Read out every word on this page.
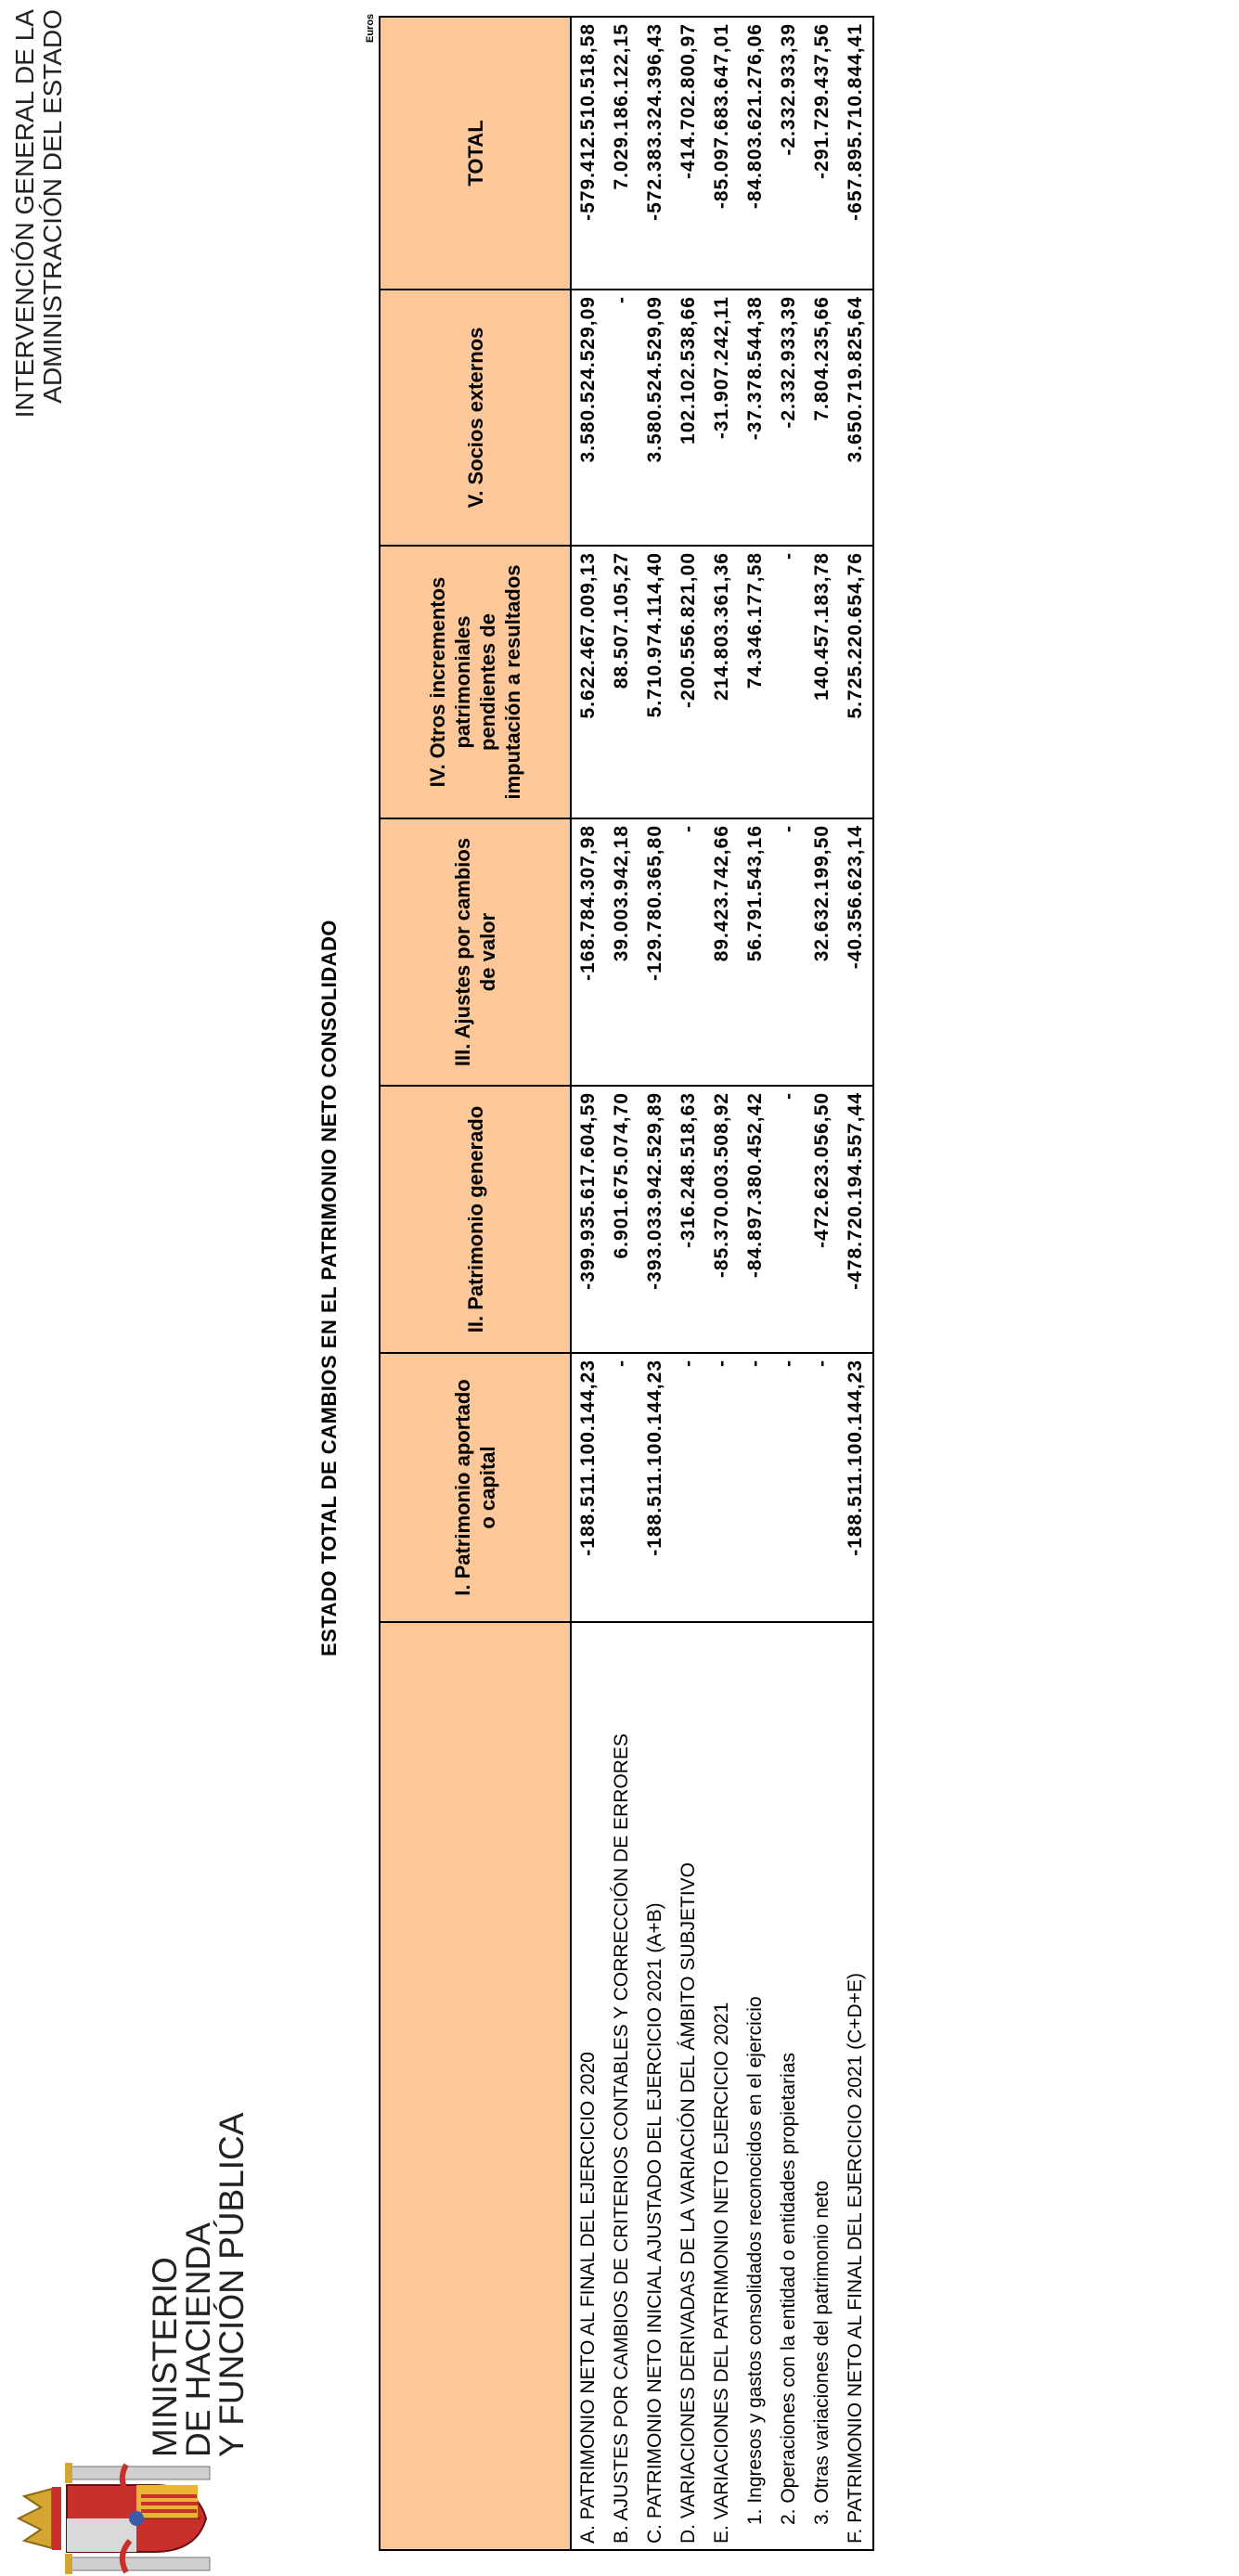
MINISTERIO
DE HACIENDA
Y FUNCIÓN PÚBLICA
INTERVENCIÓN GENERAL DE LA ADMINISTRACIÓN DEL ESTADO
ESTADO TOTAL DE CAMBIOS EN EL PATRIMONIO NETO CONSOLIDADO
Euros
	I. Patrimonio aportado o capital	II. Patrimonio generado	III. Ajustes por cambios de valor	IV. Otros incrementos patrimoniales pendientes de imputación a resultados	V. Socios externos	TOTAL
A. PATRIMONIO NETO AL FINAL DEL EJERCICIO 2020	-188.511.100.144,23	-399.935.617.604,59	-168.784.307,98	5.622.467.009,13	3.580.524.529,09	-579.412.510.518,58
B. AJUSTES POR CAMBIOS DE CRITERIOS CONTABLES Y CORRECCIÓN DE ERRORES	-	6.901.675.074,70	39.003.942,18	88.507.105,27	-	7.029.186.122,15
C. PATRIMONIO NETO INICIAL AJUSTADO DEL EJERCICIO 2021 (A+B)	-188.511.100.144,23	-393.033.942.529,89	-129.780.365,80	5.710.974.114,40	3.580.524.529,09	-572.383.324.396,43
D. VARIACIONES DERIVADAS DE LA VARIACIÓN DEL ÁMBITO SUBJETIVO	-	-316.248.518,63	-	-200.556.821,00	102.102.538,66	-414.702.800,97
E. VARIACIONES DEL PATRIMONIO NETO EJERCICIO 2021	-	-85.370.003.508,92	89.423.742,66	214.803.361,36	-31.907.242,11	-85.097.683.647,01
1. Ingresos y gastos consolidados reconocidos en el ejercicio	-	-84.897.380.452,42	56.791.543,16	74.346.177,58	-37.378.544,38	-84.803.621.276,06
2. Operaciones con la entidad o entidades propietarias	-	-	-	-	-2.332.933,39	-2.332.933,39
3. Otras variaciones del patrimonio neto	-	-472.623.056,50	32.632.199,50	140.457.183,78	7.804.235,66	-291.729.437,56
F. PATRIMONIO NETO AL FINAL DEL EJERCICIO 2021 (C+D+E)	-188.511.100.144,23	-478.720.194.557,44	-40.356.623,14	5.725.220.654,76	3.650.719.825,64	-657.895.710.844,41
